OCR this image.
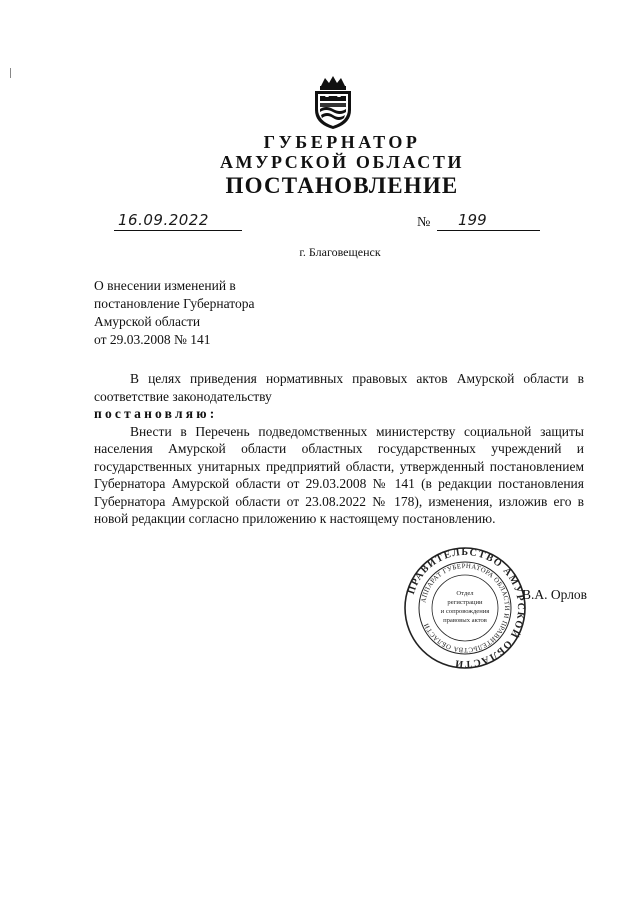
ГУБЕРНАТОР
АМУРСКОЙ ОБЛАСТИ
ПОСТАНОВЛЕНИЕ
16.09.2022	№ 199
г. Благовещенск
О внесении изменений в
постановление Губернатора
Амурской области
от 29.03.2008 № 141

В целях приведения нормативных правовых актов Амурской области в соответствие законодательству

постановляю:

Внести в Перечень подведомственных министерству социальной защиты населения Амурской области областных государственных учреждений и государственных унитарных предприятий области, утвержденный постановлением Губернатора Амурской области от 29.03.2008 № 141 (в редакции постановления Губернатора Амурской области от 23.08.2022 № 178), изменения, изложив его в новой редакции согласно приложению к настоящему постановлению.

ПРАВИТЕЛЬСТВО АМУРСКОЙ ОБЛАСТИ
АППАРАТ ГУБЕРНАТОРА ОБЛАСТИ И ПРАВИТЕЛЬСТВА ОБЛАСТИ
Отдел
регистрации
и сопровождения
правовых актов
В.А. Орлов
